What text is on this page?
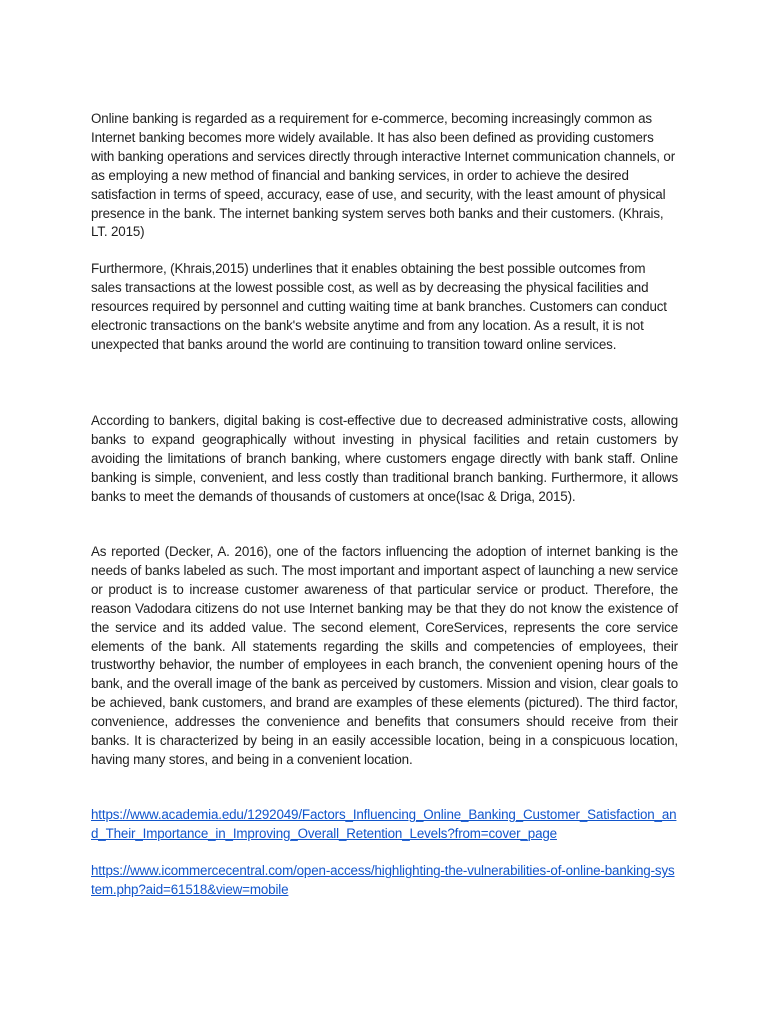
Online banking is regarded as a requirement for e-commerce, becoming increasingly common as Internet banking becomes more widely available. It has also been defined as providing customers with banking operations and services directly through interactive Internet communication channels, or as employing a new method of financial and banking services, in order to achieve the desired satisfaction in terms of speed, accuracy, ease of use, and security, with the least amount of physical presence in the bank. The internet banking system serves both banks and their customers. (Khrais, LT. 2015)

Furthermore, (Khrais,2015) underlines that it enables obtaining the best possible outcomes from sales transactions at the lowest possible cost, as well as by decreasing the physical facilities and resources required by personnel and cutting waiting time at bank branches. Customers can conduct electronic transactions on the bank's website anytime and from any location. As a result, it is not unexpected that banks around the world are continuing to transition toward online services.

According to bankers, digital baking is cost-effective due to decreased administrative costs, allowing banks to expand geographically without investing in physical facilities and retain customers by avoiding the limitations of branch banking, where customers engage directly with bank staff. Online banking is simple, convenient, and less costly than traditional branch banking. Furthermore, it allows banks to meet the demands of thousands of customers at once(Isac & Driga, 2015).

As reported (Decker, A. 2016), one of the factors influencing the adoption of internet banking is the needs of banks labeled as such. The most important and important aspect of launching a new service or product is to increase customer awareness of that particular service or product. Therefore, the reason Vadodara citizens do not use Internet banking may be that they do not know the existence of the service and its added value. The second element, CoreServices, represents the core service elements of the bank. All statements regarding the skills and competencies of employees, their trustworthy behavior, the number of employees in each branch, the convenient opening hours of the bank, and the overall image of the bank as perceived by customers. Mission and vision, clear goals to be achieved, bank customers, and brand are examples of these elements (pictured). The third factor, convenience, addresses the convenience and benefits that consumers should receive from their banks. It is characterized by being in an easily accessible location, being in a conspicuous location, having many stores, and being in a convenient location.

https://www.academia.edu/1292049/Factors_Influencing_Online_Banking_Customer_Satisfaction_and_Their_Importance_in_Improving_Overall_Retention_Levels?from=cover_page
https://www.icommercecentral.com/open-access/highlighting-the-vulnerabilities-of-online-banking-system.php?aid=61518&view=mobile
